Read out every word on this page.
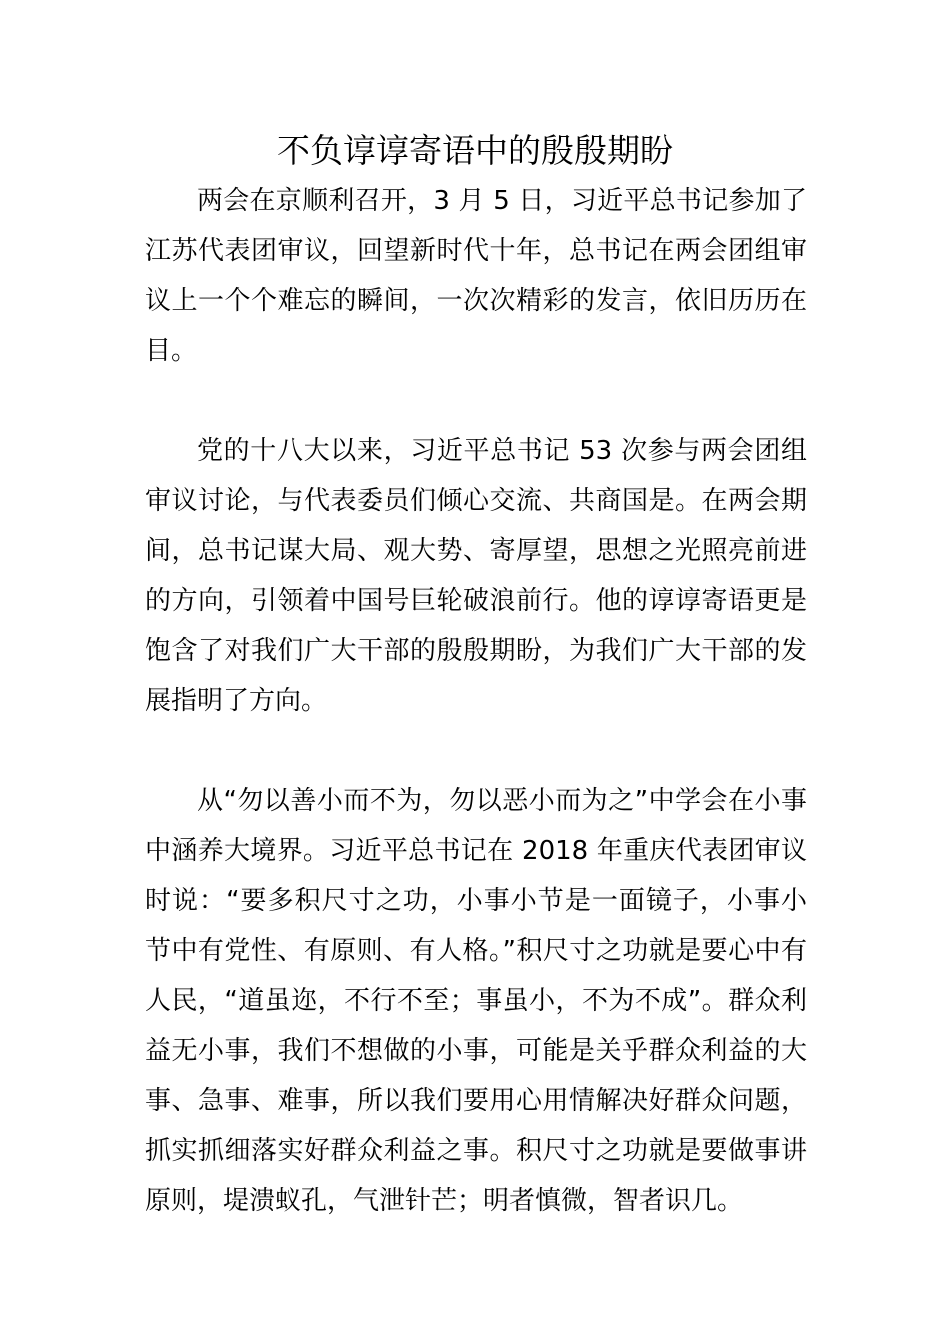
不负谆谆寄语中的殷殷期盼

两会在京顺利召开，3 月 5 日，习近平总书记参加了江苏代表团审议，回望新时代十年，总书记在两会团组审议上一个个难忘的瞬间，一次次精彩的发言，依旧历历在目。

党的十八大以来，习近平总书记 53 次参与两会团组审议讨论，与代表委员们倾心交流、共商国是。在两会期间，总书记谋大局、观大势、寄厚望，思想之光照亮前进的方向，引领着中国号巨轮破浪前行。他的谆谆寄语更是饱含了对我们广大干部的殷殷期盼，为我们广大干部的发展指明了方向。

从“勿以善小而不为，勿以恶小而为之”中学会在小事中涵养大境界。习近平总书记在 2018 年重庆代表团审议时说：“要多积尺寸之功，小事小节是一面镜子，小事小节中有党性、有原则、有人格。”积尺寸之功就是要心中有人民，“道虽迩，不行不至；事虽小，不为不成”。群众利益无小事，我们不想做的小事，可能是关乎群众利益的大事、急事、难事，所以我们要用心用情解决好群众问题，抓实抓细落实好群众利益之事。积尺寸之功就是要做事讲原则，堤溃蚁孔，气泄针芒；明者慎微，智者识几。
